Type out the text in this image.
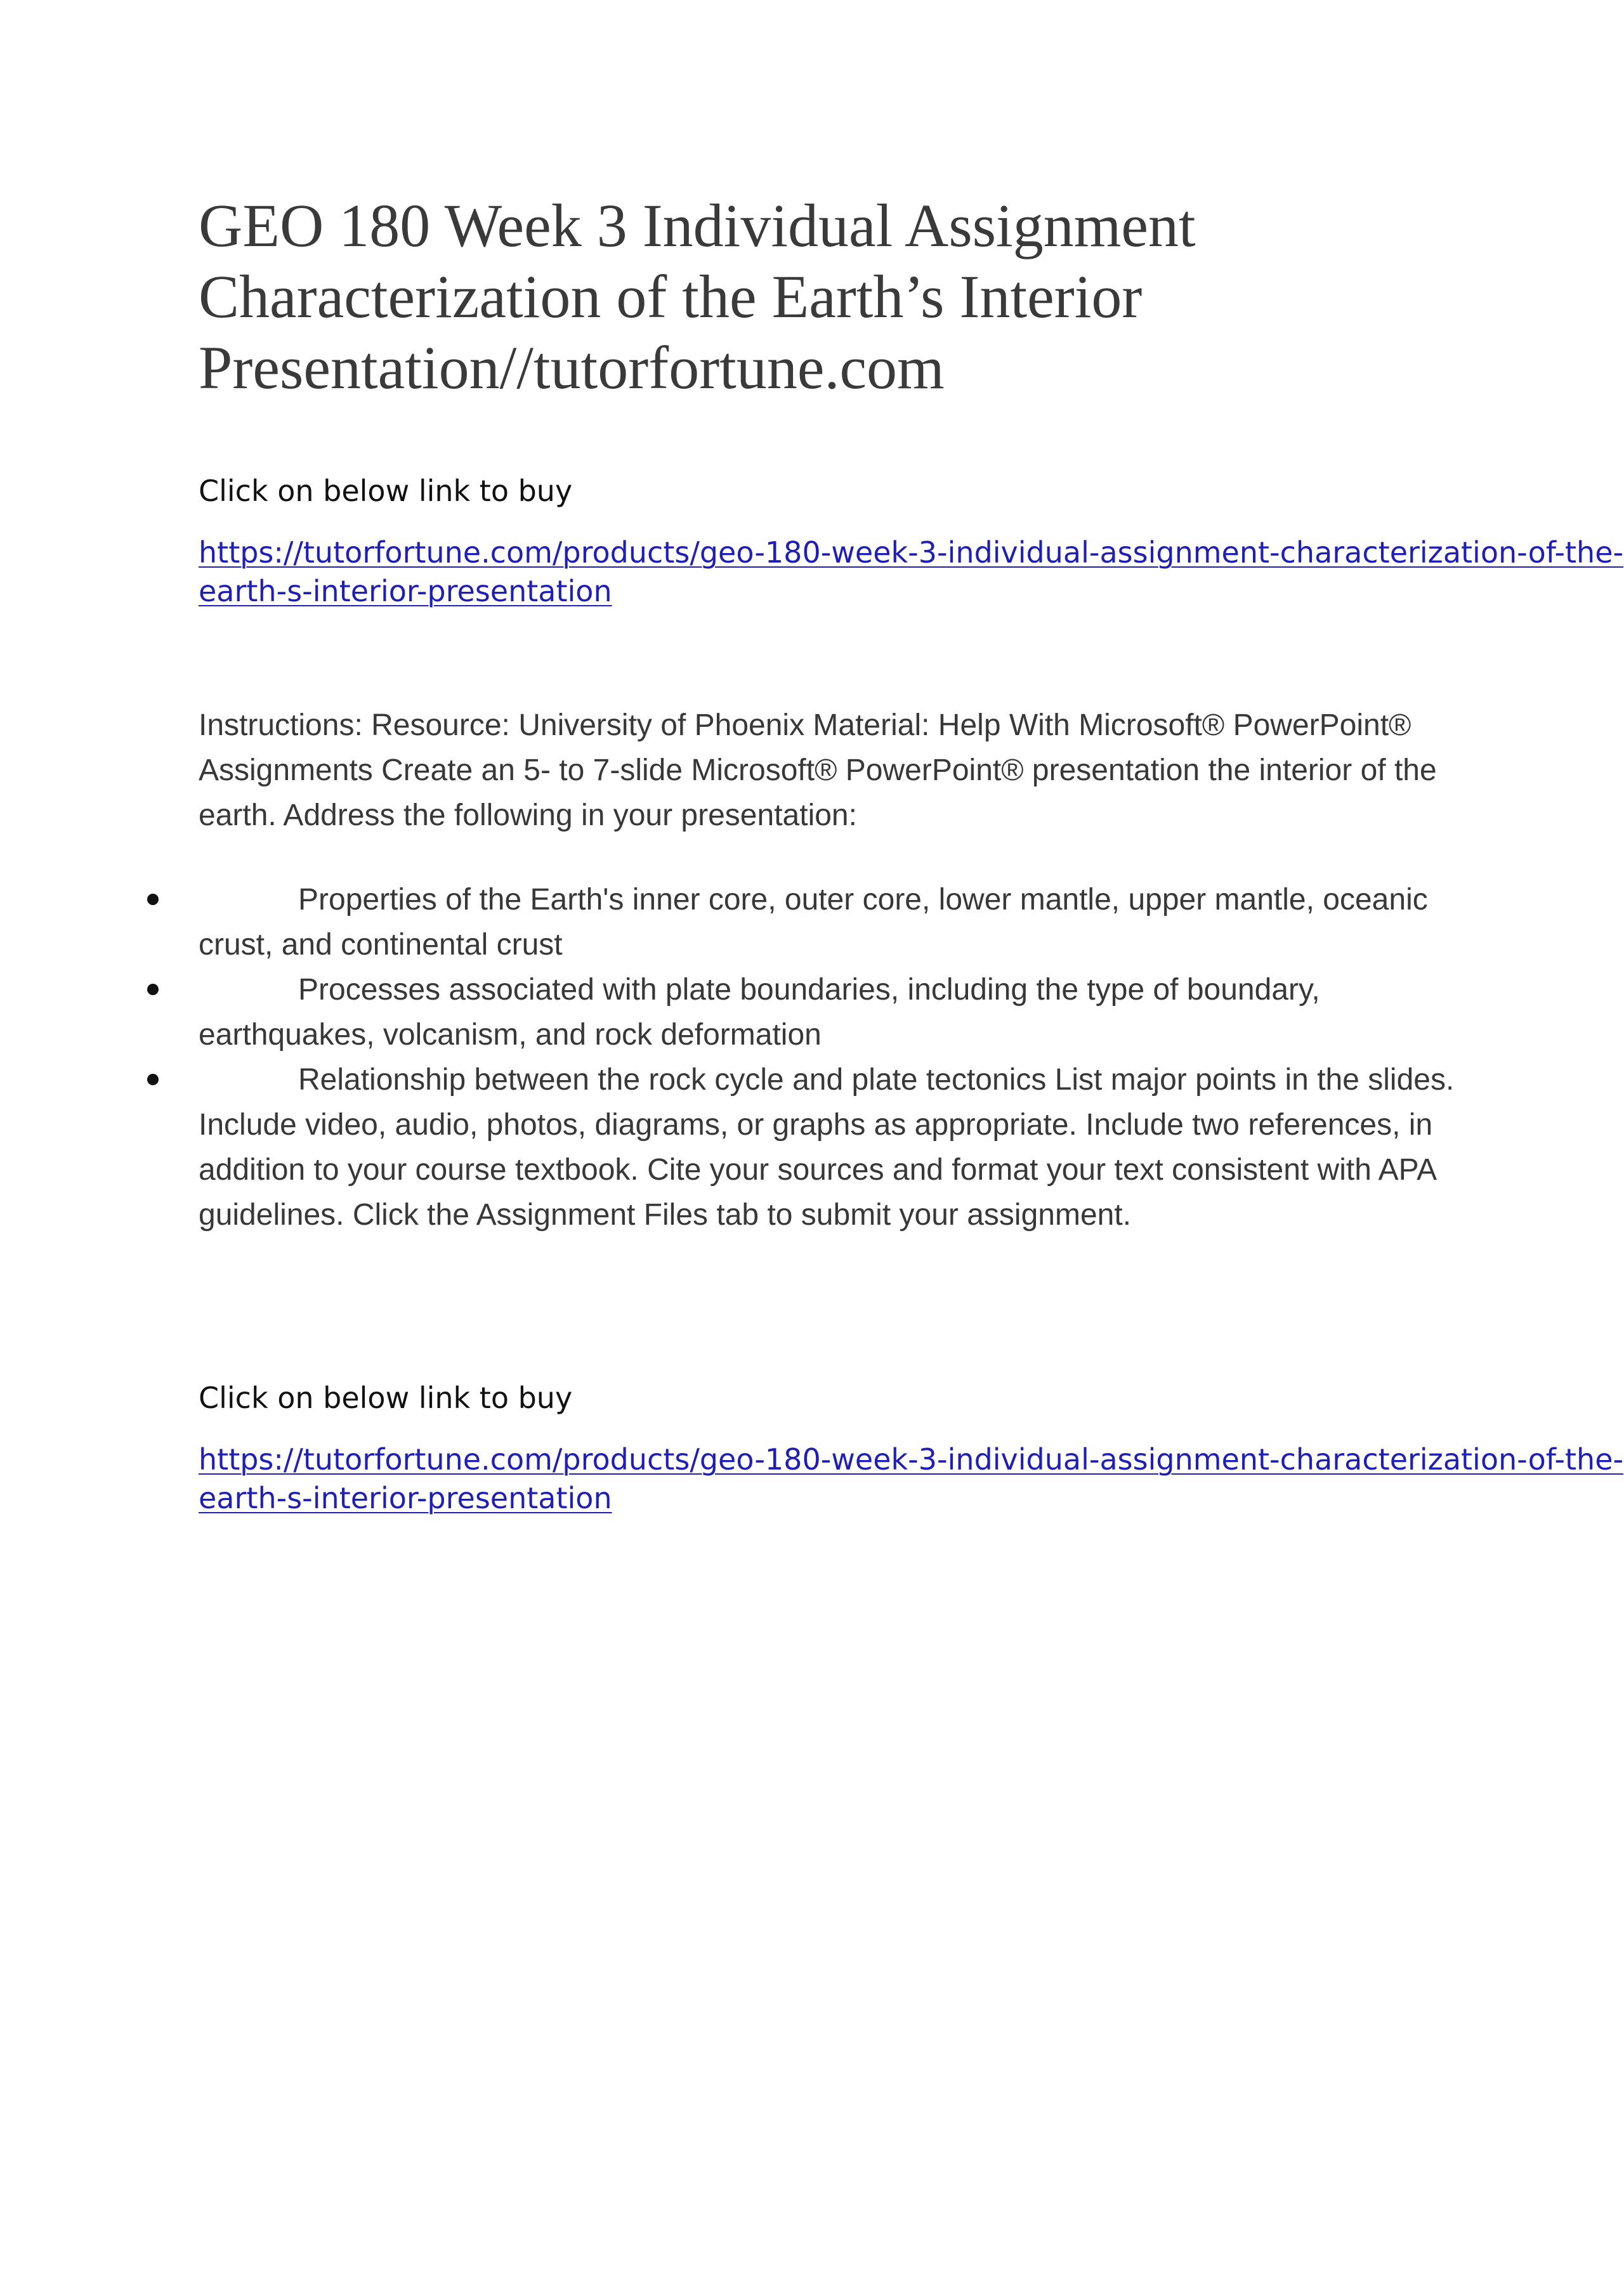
GEO 180 Week 3 Individual Assignment
Characterization of the Earth’s Interior
Presentation//tutorfortune.com
Click on below link to buy
https://tutorfortune.com/products/geo-180-week-3-individual-assignment-characterization-of-the-
earth-s-interior-presentation

Instructions: Resource: University of Phoenix Material: Help With Microsoft® PowerPoint® Assignments Create an 5- to 7-slide Microsoft® PowerPoint® presentation the interior of the earth. Address the following in your presentation:

Properties of the Earth's inner core, outer core, lower mantle, upper mantle, oceanic crust, and continental crust
Processes associated with plate boundaries, including the type of boundary, earthquakes, volcanism, and rock deformation
Relationship between the rock cycle and plate tectonics List major points in the slides. Include video, audio, photos, diagrams, or graphs as appropriate. Include two references, in addition to your course textbook. Cite your sources and format your text consistent with APA guidelines. Click the Assignment Files tab to submit your assignment.
Click on below link to buy
https://tutorfortune.com/products/geo-180-week-3-individual-assignment-characterization-of-the-
earth-s-interior-presentation
